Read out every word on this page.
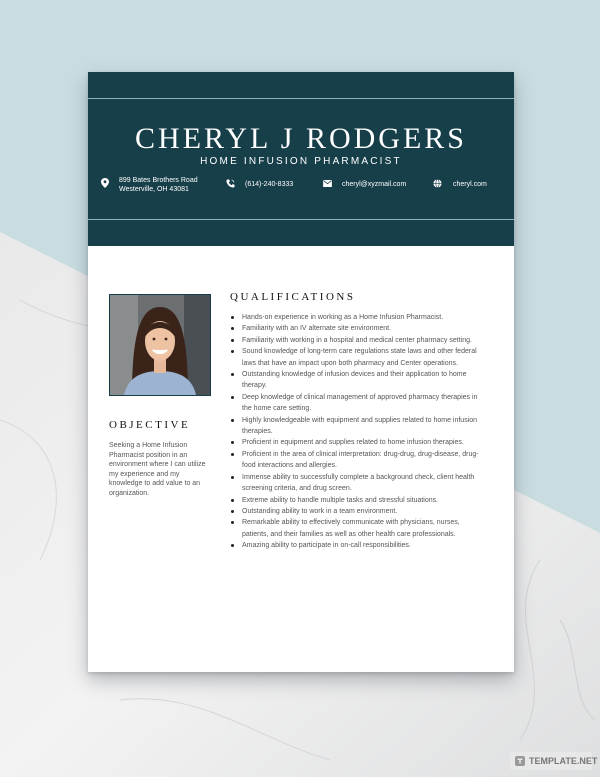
CHERYL J RODGERS
HOME INFUSION PHARMACIST
899 Bates Brothers Road
Westerville, OH 43081
(614)-240-8333	cheryl@xyzmail.com	cheryl.com
OBJECTIVE
Seeking a Home Infusion Pharmacist position in an environment where I can utilize my experience and my knowledge to add value to an organization.
QUALIFICATIONS
Hands-on experience in working as a Home Infusion Pharmacist.
Familiarity with an IV alternate site environment.
Familiarity with working in a hospital and medical center pharmacy setting.
Sound knowledge of long-term care regulations state laws and other federal laws that have an impact upon both pharmacy and Center operations.
Outstanding knowledge of infusion devices and their application to home therapy.
Deep knowledge of clinical management of approved pharmacy therapies in the home care setting.
Highly knowledgeable with equipment and supplies related to home infusion therapies.
Proficient in equipment and supplies related to home infusion therapies.
Proficient in the area of clinical interpretation: drug-drug, drug-disease, drug-food interactions and allergies.
Immense ability to successfully complete a background check, client health screening criteria, and drug screen.
Extreme ability to handle multiple tasks and stressful situations.
Outstanding ability to work in a team environment.
Remarkable ability to effectively communicate with physicians, nurses, patients, and their families as well as other health care professionals.
Amazing ability to participate in on-call responsibilities.
TEMPLATE.NET
